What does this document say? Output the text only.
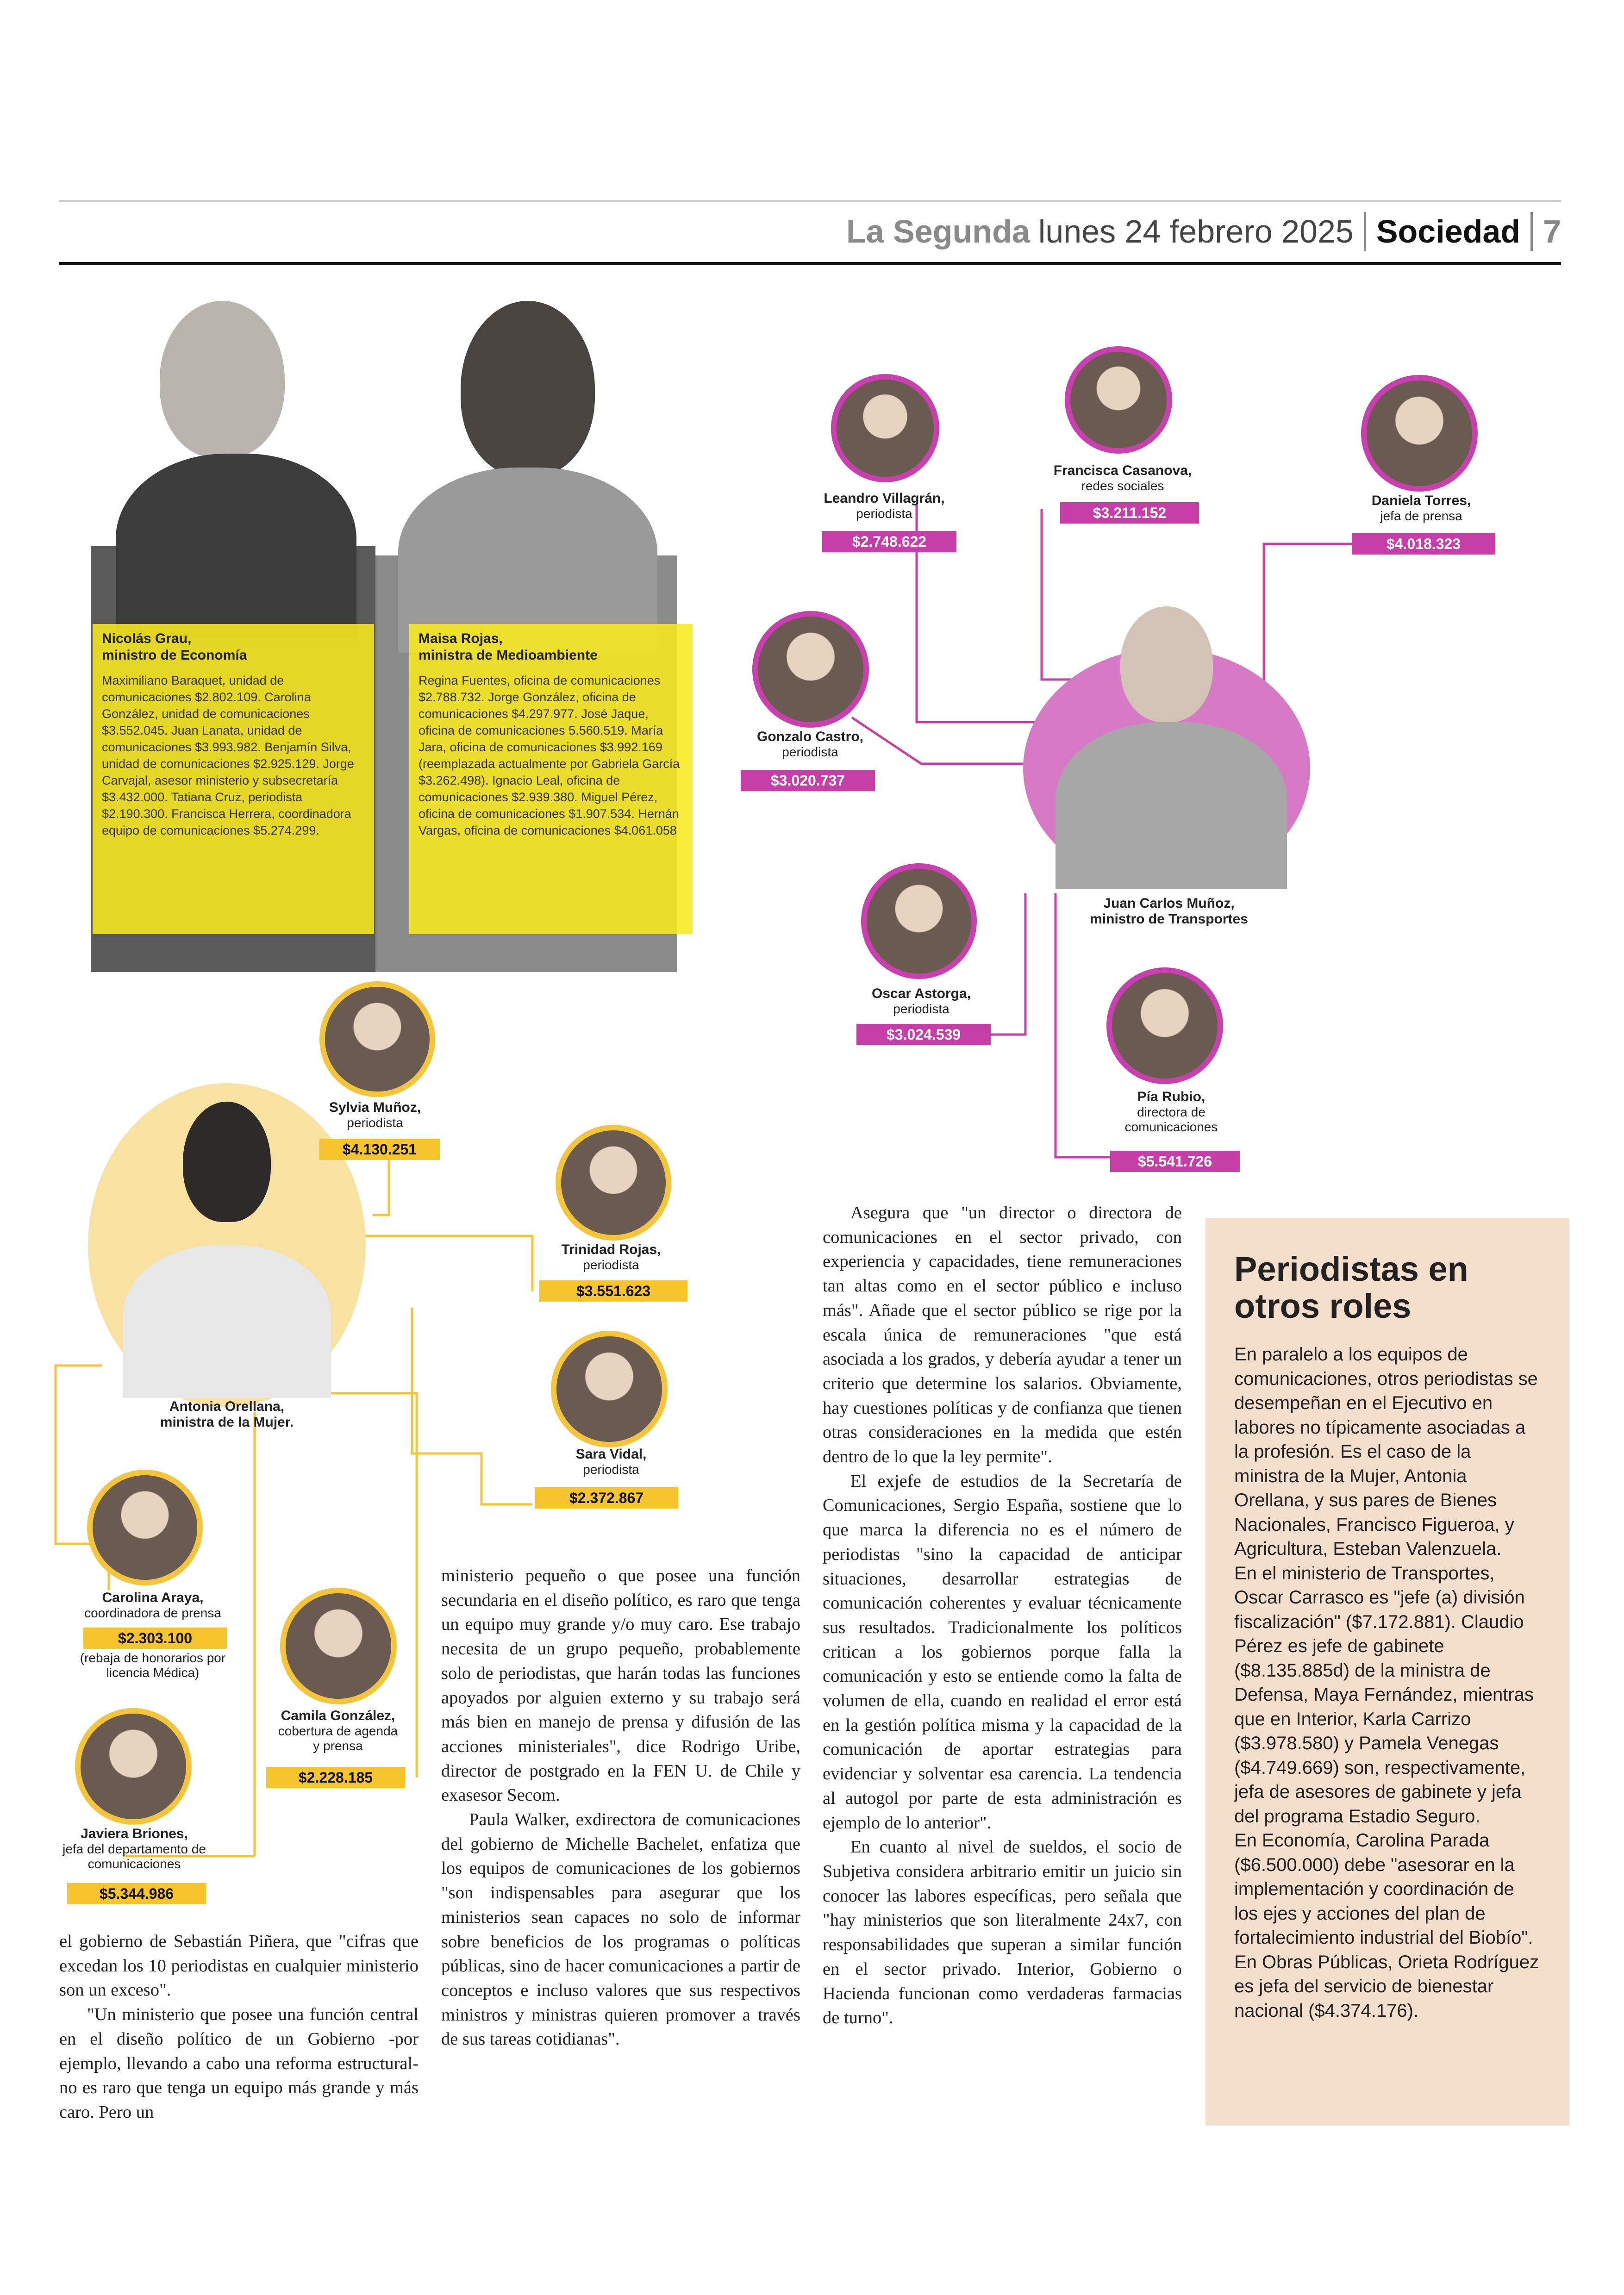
La Segunda lunes 24 febrero 2025 Sociedad 7
Nicolás Grau,
ministro de Economía
Maximiliano Baraquet, unidad de comunicaciones $2.802.109. Carolina González, unidad de comunicaciones $3.552.045. Juan Lanata, unidad de comunicaciones $3.993.982. Benjamín Silva, unidad de comunicaciones $2.925.129. Jorge Carvajal, asesor ministerio y subsecretaría $3.432.000. Tatiana Cruz, periodista $2.190.300. Francisca Herrera, coordinadora equipo de comunicaciones $5.274.299.
Maisa Rojas,
ministra de Medioambiente
Regina Fuentes, oficina de comunicaciones $2.788.732. Jorge González, oficina de comunicaciones $4.297.977. José Jaque, oficina de comunicaciones 5.560.519. María Jara, oficina de comunicaciones $3.992.169 (reemplazada actualmente por Gabriela García $3.262.498). Ignacio Leal, oficina de comunicaciones $2.939.380. Miguel Pérez, oficina de comunicaciones $1.907.534. Hernán Vargas, oficina de comunicaciones $4.061.058
Juan Carlos Muñoz,
ministro de Transportes
Leandro Villagrán,
periodista
$2.748.622
Francisca Casanova,
redes sociales
$3.211.152
Daniela Torres,
jefa de prensa
$4.018.323
Gonzalo Castro,
periodista
$3.020.737
Oscar Astorga,
periodista
$3.024.539
Pía Rubio,
directora de
comunicaciones
$5.541.726
Antonia Orellana,
ministra de la Mujer.
Sylvia Muñoz,
periodista
$4.130.251
Trinidad Rojas,
periodista
$3.551.623
Sara Vidal,
periodista
$2.372.867
Carolina Araya,
coordinadora de prensa
$2.303.100
(rebaja de honorarios por
licencia Médica)
Camila González,
cobertura de agenda
y prensa
$2.228.185
Javiera Briones,
jefa del departamento de
comunicaciones
$5.344.986

el gobierno de Sebastián Piñera, que "cifras que excedan los 10 periodistas en cualquier ministerio son un exceso".

"Un ministerio que posee una función central en el diseño político de un Gobierno -por ejemplo, llevando a cabo una reforma estructural- no es raro que tenga un equipo más grande y más caro. Pero un

ministerio pequeño o que posee una función secundaria en el diseño político, es raro que tenga un equipo muy grande y/o muy caro. Ese trabajo necesita de un grupo pequeño, probablemente solo de periodistas, que harán todas las funciones apoyados por alguien externo y su trabajo será más bien en manejo de prensa y difusión de las acciones ministeriales", dice Rodrigo Uribe, director de postgrado en la FEN U. de Chile y exasesor Secom.

Paula Walker, exdirectora de comunicaciones del gobierno de Michelle Bachelet, enfatiza que los equipos de comunicaciones de los gobiernos "son indispensables para asegurar que los ministerios sean capaces no solo de informar sobre beneficios de los programas o políticas públicas, sino de hacer comunicaciones a partir de conceptos e incluso valores que sus respectivos ministros y ministras quieren promover a través de sus tareas cotidianas".

Asegura que "un director o directora de comunicaciones en el sector privado, con experiencia y capacidades, tiene remuneraciones tan altas como en el sector público e incluso más". Añade que el sector público se rige por la escala única de remuneraciones "que está asociada a los grados, y debería ayudar a tener un criterio que determine los salarios. Obviamente, hay cuestiones políticas y de confianza que tienen otras consideraciones en la medida que estén dentro de lo que la ley permite".

El exjefe de estudios de la Secretaría de Comunicaciones, Sergio España, sostiene que lo que marca la diferencia no es el número de periodistas "sino la capacidad de anticipar situaciones, desarrollar estrategias de comunicación coherentes y evaluar técnicamente sus resultados. Tradicionalmente los políticos critican a los gobiernos porque falla la comunicación y esto se entiende como la falta de volumen de ella, cuando en realidad el error está en la gestión política misma y la capacidad de la comunicación de aportar estrategias para evidenciar y solventar esa carencia. La tendencia al autogol por parte de esta administración es ejemplo de lo anterior".

En cuanto al nivel de sueldos, el socio de Subjetiva considera arbitrario emitir un juicio sin conocer las labores específicas, pero señala que "hay ministerios que son literalmente 24x7, con responsabilidades que superan a similar función en el sector privado. Interior, Gobierno o Hacienda funcionan como verdaderas farmacias de turno".

Periodistas en otros roles
En paralelo a los equipos de comunicaciones, otros periodistas se desempeñan en el Ejecutivo en labores no típicamente asociadas a la profesión. Es el caso de la ministra de la Mujer, Antonia Orellana, y sus pares de Bienes Nacionales, Francisco Figueroa, y Agricultura, Esteban Valenzuela.
En el ministerio de Transportes, Oscar Carrasco es "jefe (a) división fiscalización" ($7.172.881). Claudio Pérez es jefe de gabinete ($8.135.885d) de la ministra de Defensa, Maya Fernández, mientras que en Interior, Karla Carrizo ($3.978.580) y Pamela Venegas ($4.749.669) son, respectivamente, jefa de asesores de gabinete y jefa del programa Estadio Seguro.
En Economía, Carolina Parada ($6.500.000) debe "asesorar en la implementación y coordinación de los ejes y acciones del plan de fortalecimiento industrial del Biobío". En Obras Públicas, Orieta Rodríguez es jefa del servicio de bienestar nacional ($4.374.176).
